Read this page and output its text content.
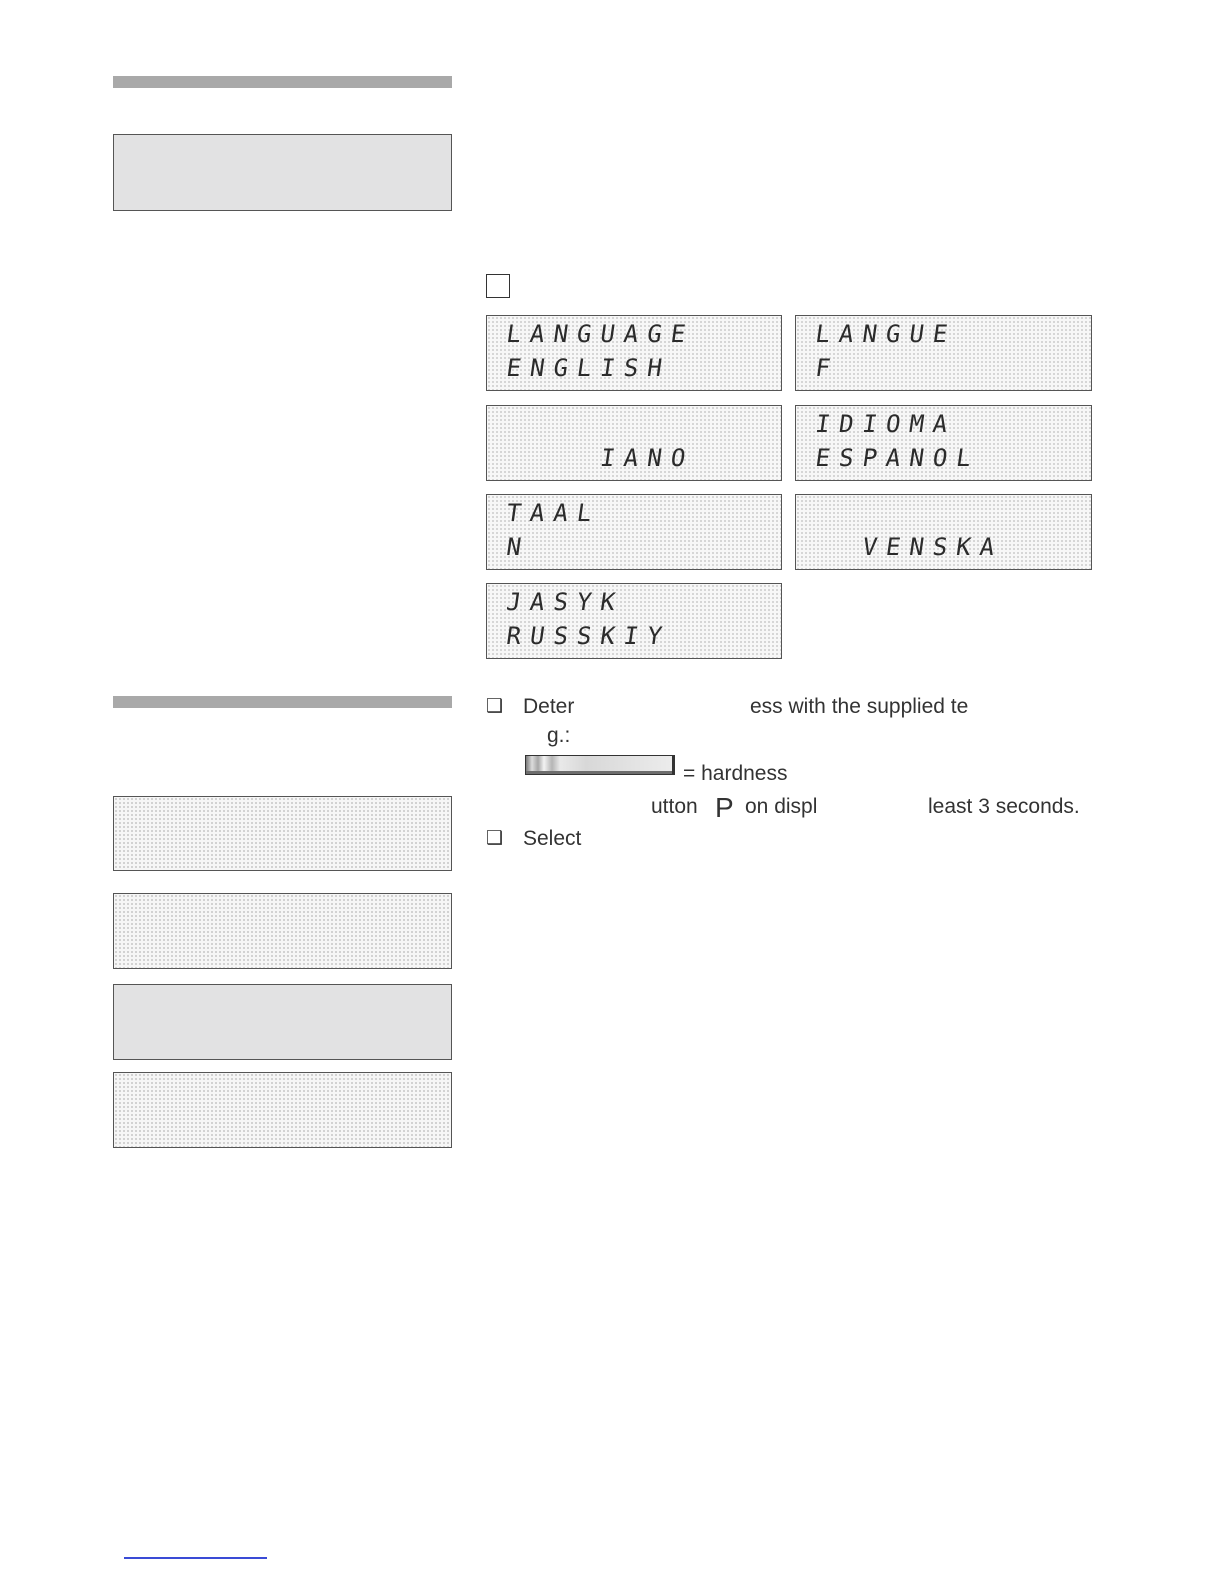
LANGUAGE
ENGLISH
LANGUE
F
IANO
IDIOMA
ESPANOL
TAAL
N	VENSKA
JASYK
RUSSKIY
❑ Deter	ess with the supplied te
g.:
= hardness
utton P on displ	least 3 seconds.
❑ Select
